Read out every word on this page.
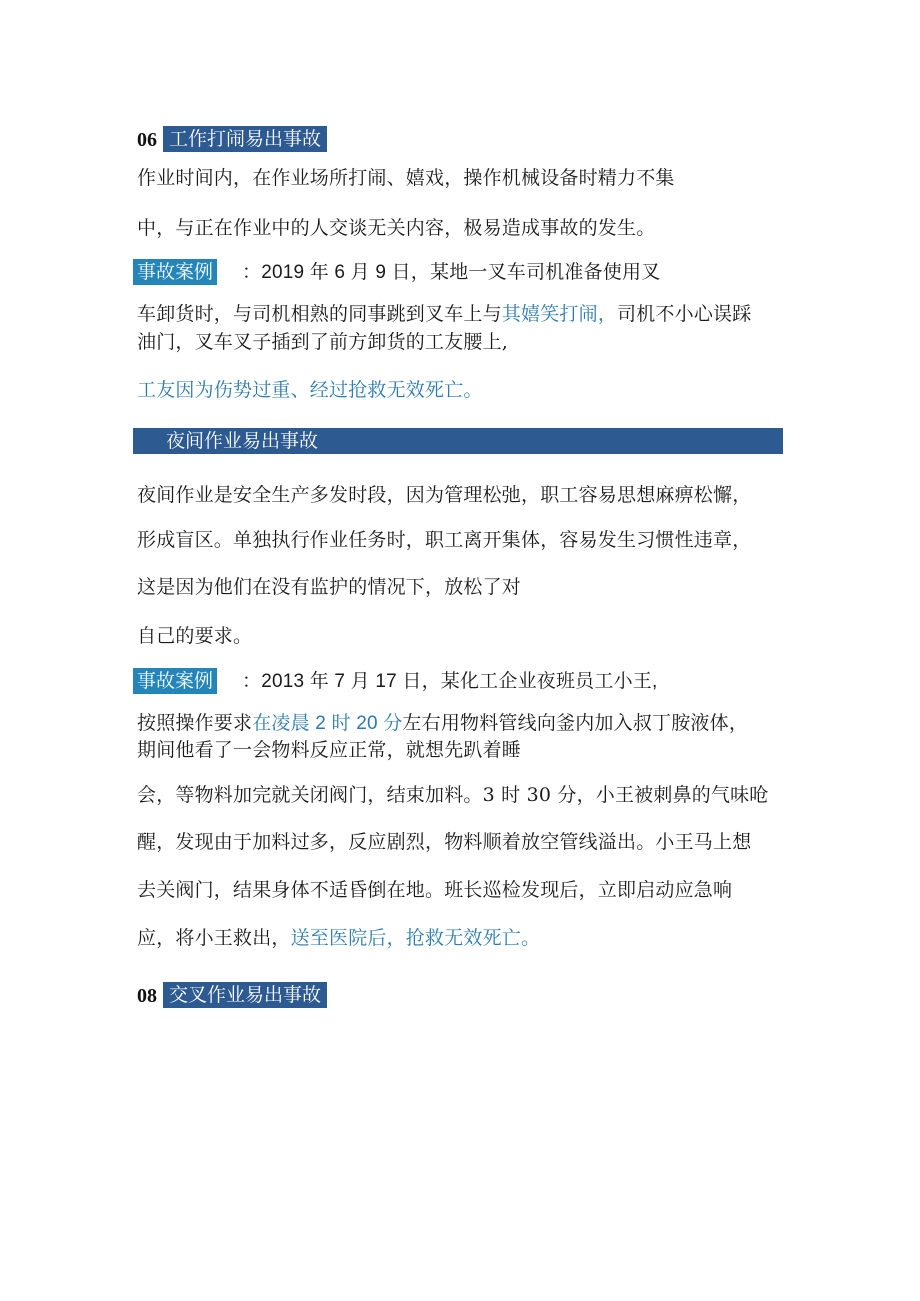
06 工作打闹易出事故
作业时间内，在作业场所打闹、嬉戏，操作机械设备时精力不集
中，与正在作业中的人交谈无关内容，极易造成事故的发生。
事故案例 ：2019 年 6 月 9 日，某地一叉车司机准备使用叉
车卸货时，与司机相熟的同事跳到叉车上与其嬉笑打闹，司机不小心误踩
油门，叉车叉子插到了前方卸货的工友腰上,
工友因为伤势过重、经过抢救无效死亡。
夜间作业易出事故
夜间作业是安全生产多发时段，因为管理松弛，职工容易思想麻痹松懈，
形成盲区。单独执行作业任务时，职工离开集体，容易发生习惯性违章，
这是因为他们在没有监护的情况下，放松了对
自己的要求。
事故案例 ：2013 年 7 月 17 日，某化工企业夜班员工小王,
按照操作要求在凌晨 2 时 20 分左右用物料管线向釜内加入叔丁胺液体，
期间他看了一会物料反应正常，就想先趴着睡
会，等物料加完就关闭阀门，结束加料。3 时 30 分，小王被刺鼻的气味呛
醒，发现由于加料过多，反应剧烈，物料顺着放空管线溢出。小王马上想
去关阀门，结果身体不适昏倒在地。班长巡检发现后，立即启动应急响
应，将小王救出，送至医院后，抢救无效死亡。
08 交叉作业易出事故
